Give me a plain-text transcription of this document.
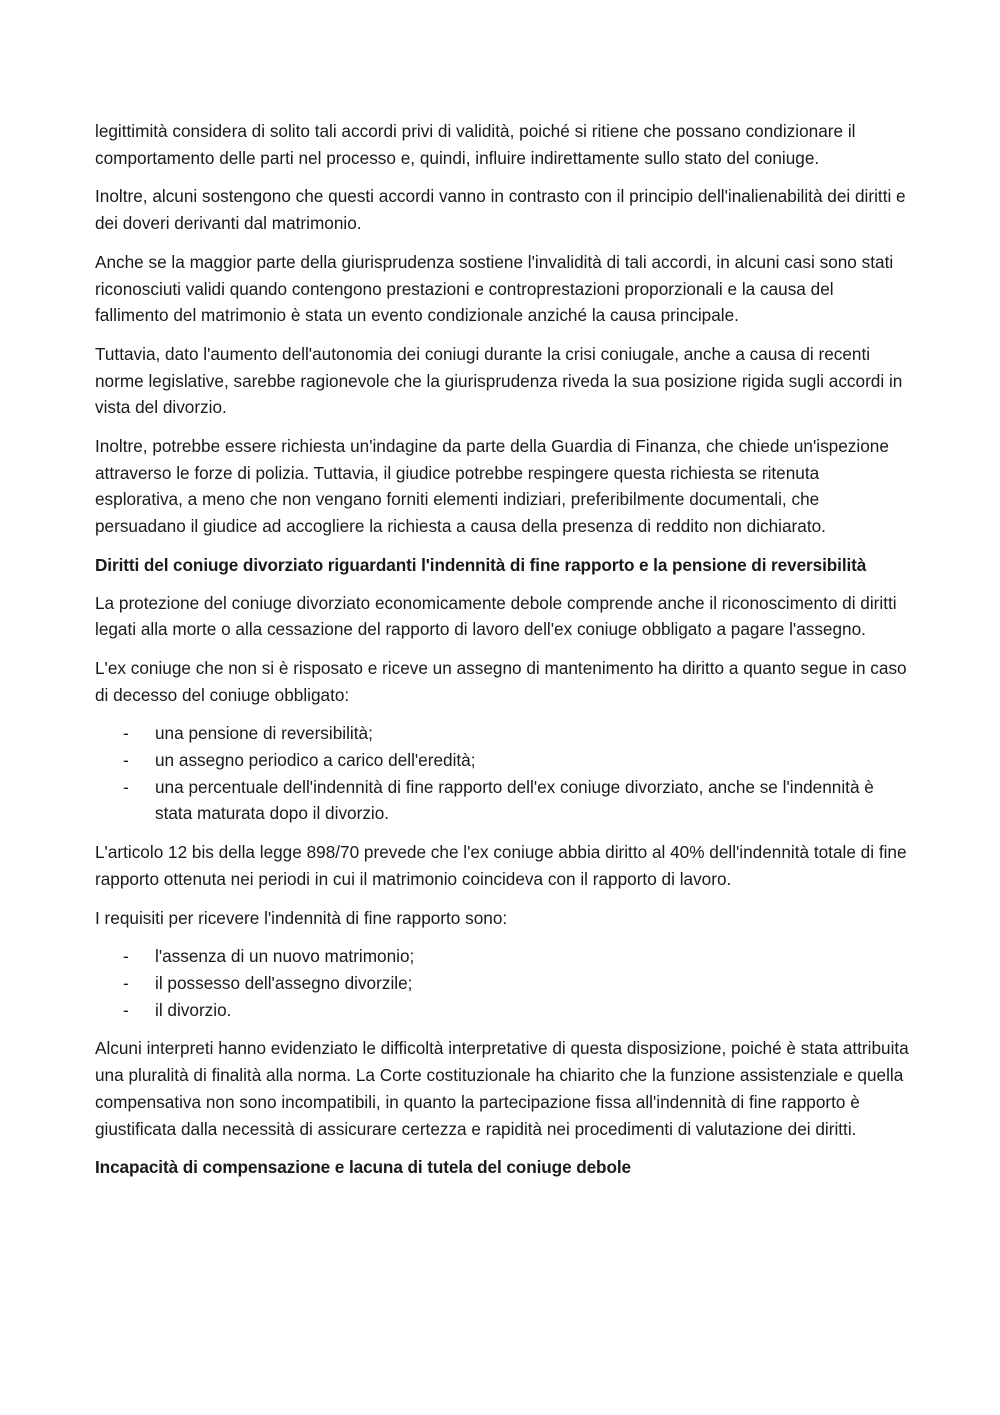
legittimità considera di solito tali accordi privi di validità, poiché si ritiene che possano condizionare il comportamento delle parti nel processo e, quindi, influire indirettamente sullo stato del coniuge.

Inoltre, alcuni sostengono che questi accordi vanno in contrasto con il principio dell'inalienabilità dei diritti e dei doveri derivanti dal matrimonio.

Anche se la maggior parte della giurisprudenza sostiene l'invalidità di tali accordi, in alcuni casi sono stati riconosciuti validi quando contengono prestazioni e controprestazioni proporzionali e la causa del fallimento del matrimonio è stata un evento condizionale anziché la causa principale.

Tuttavia, dato l'aumento dell'autonomia dei coniugi durante la crisi coniugale, anche a causa di recenti norme legislative, sarebbe ragionevole che la giurisprudenza riveda la sua posizione rigida sugli accordi in vista del divorzio.

Inoltre, potrebbe essere richiesta un'indagine da parte della Guardia di Finanza, che chiede un'ispezione attraverso le forze di polizia. Tuttavia, il giudice potrebbe respingere questa richiesta se ritenuta esplorativa, a meno che non vengano forniti elementi indiziari, preferibilmente documentali, che persuadano il giudice ad accogliere la richiesta a causa della presenza di reddito non dichiarato.

Diritti del coniuge divorziato riguardanti l'indennità di fine rapporto e la pensione di reversibilità

La protezione del coniuge divorziato economicamente debole comprende anche il riconoscimento di diritti legati alla morte o alla cessazione del rapporto di lavoro dell'ex coniuge obbligato a pagare l'assegno.

L'ex coniuge che non si è risposato e riceve un assegno di mantenimento ha diritto a quanto segue in caso di decesso del coniuge obbligato:

- una pensione di reversibilità;
- un assegno periodico a carico dell'eredità;
- una percentuale dell'indennità di fine rapporto dell'ex coniuge divorziato, anche se l'indennità è stata maturata dopo il divorzio.

L'articolo 12 bis della legge 898/70 prevede che l'ex coniuge abbia diritto al 40% dell'indennità totale di fine rapporto ottenuta nei periodi in cui il matrimonio coincideva con il rapporto di lavoro.

I requisiti per ricevere l'indennità di fine rapporto sono:

- l'assenza di un nuovo matrimonio;
- il possesso dell'assegno divorzile;
- il divorzio.

Alcuni interpreti hanno evidenziato le difficoltà interpretative di questa disposizione, poiché è stata attribuita una pluralità di finalità alla norma. La Corte costituzionale ha chiarito che la funzione assistenziale e quella compensativa non sono incompatibili, in quanto la partecipazione fissa all'indennità di fine rapporto è giustificata dalla necessità di assicurare certezza e rapidità nei procedimenti di valutazione dei diritti.

Incapacità di compensazione e lacuna di tutela del coniuge debole
